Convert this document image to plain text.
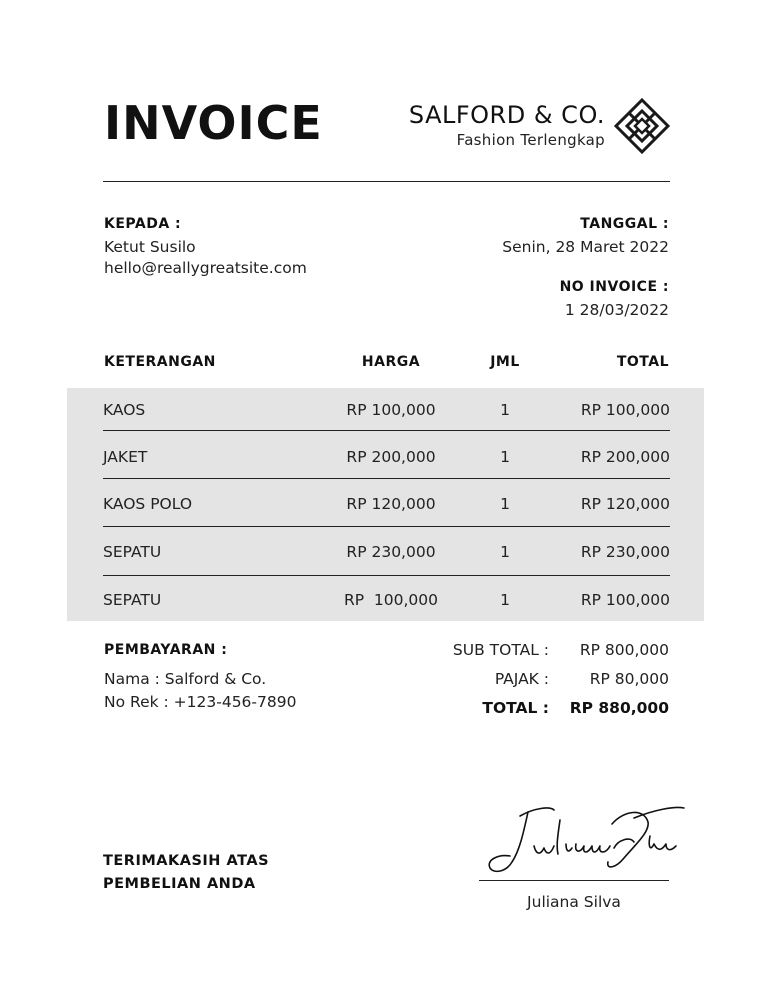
INVOICE	SALFORD & CO.
Fashion Terlengkap
KEPADA :
Ketut Susilo
hello@reallygreatsite.com
TANGGAL :
Senin, 28 Maret 2022
NO INVOICE :
1 28/03/2022
KETERANGAN	HARGA	JML	TOTAL
KAOS	RP 100,000	1	RP 100,000
JAKET	RP 200,000	1	RP 200,000
KAOS POLO	RP 120,000	1	RP 120,000
SEPATU	RP 230,000	1	RP 230,000
SEPATU	RP  100,000	1	RP 100,000
PEMBAYARAN :
Nama : Salford & Co.
No Rek : +123-456-7890
SUB TOTAL : RP 800,000
PAJAK :	RP 80,000
TOTAL : RP 880,000
TERIMAKASIH ATAS
PEMBELIAN ANDA
Juliana Silva
